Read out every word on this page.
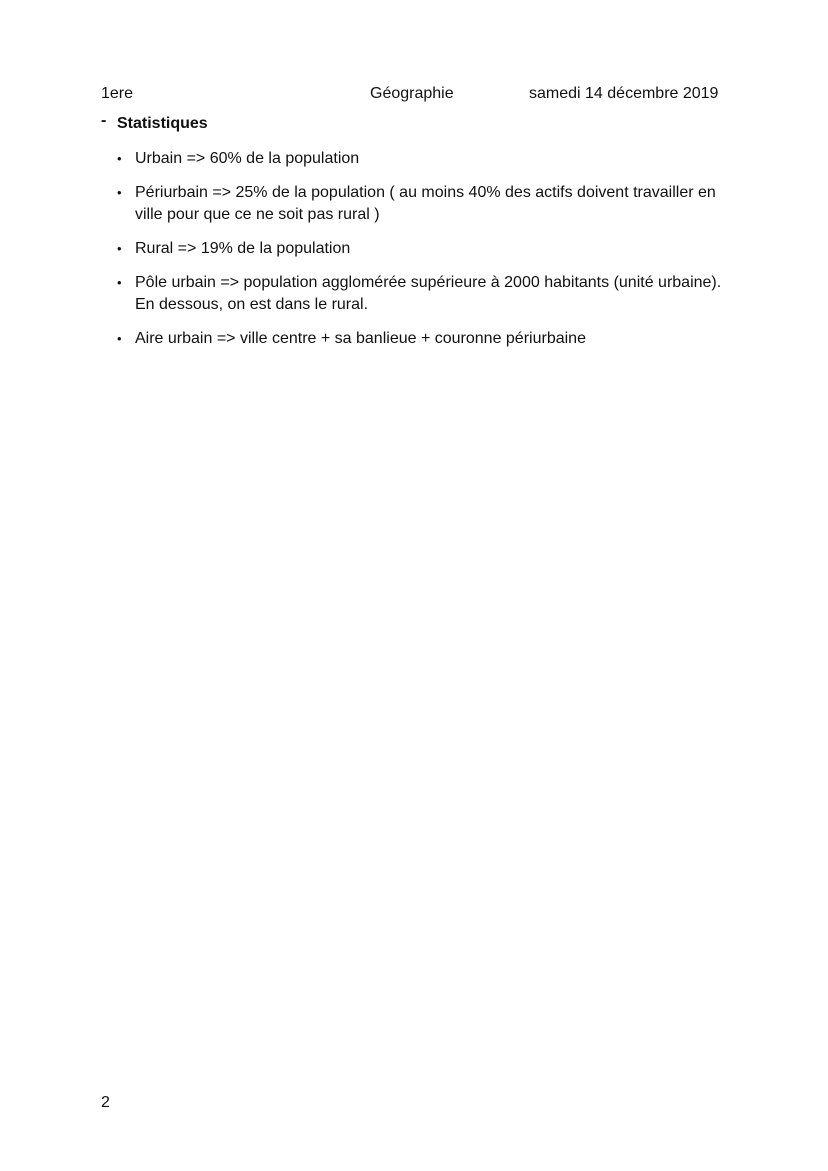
1ere	Géographie	samedi 14 décembre 2019
- Statistiques
• Urbain => 60% de la population
• Périurbain => 25% de la population ( au moins 40% des actifs doivent travailler en ville pour que ce ne soit pas rural )
• Rural => 19% de la population
• Pôle urbain => population agglomérée supérieure à 2000 habitants (unité urbaine). En dessous, on est dans le rural.
• Aire urbain => ville centre + sa banlieue + couronne périurbaine
2
